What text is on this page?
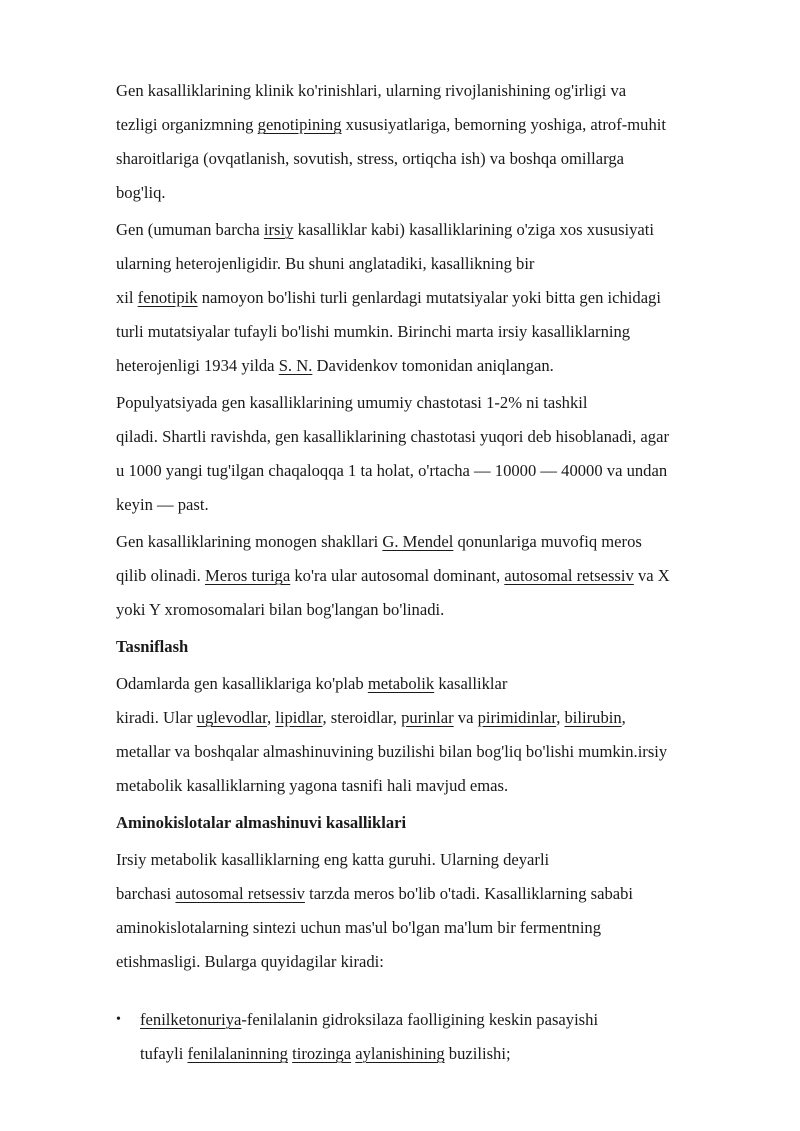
Gen kasalliklarining klinik ko'rinishlari, ularning rivojlanishining og'irligi va
tezligi organizmning genotipining xususiyatlariga, bemorning yoshiga, atrof-muhit
sharoitlariga (ovqatlanish, sovutish, stress, ortiqcha ish) va boshqa omillarga
bog'liq.
Gen (umuman barcha irsiy kasalliklar kabi) kasalliklarining o'ziga xos xususiyati
ularning heterojenligidir. Bu shuni anglatadiki, kasallikning bir
xil fenotipik namoyon bo'lishi turli genlardagi mutatsiyalar yoki bitta gen ichidagi
turli mutatsiyalar tufayli bo'lishi mumkin. Birinchi marta irsiy kasalliklarning
heterojenligi 1934 yilda S. N. Davidenkov tomonidan aniqlangan.
Populyatsiyada gen kasalliklarining umumiy chastotasi 1-2% ni tashkil
qiladi. Shartli ravishda, gen kasalliklarining chastotasi yuqori deb hisoblanadi, agar
u 1000 yangi tug'ilgan chaqaloqqa 1 ta holat, o'rtacha — 10000 — 40000 va undan
keyin — past.
Gen kasalliklarining monogen shakllari G. Mendel qonunlariga muvofiq meros
qilib olinadi. Meros turiga ko'ra ular autosomal dominant, autosomal retsessiv va X
yoki Y xromosomalari bilan bog'langan bo'linadi.
Tasniflash
Odamlarda gen kasalliklariga ko'plab metabolik kasalliklar
kiradi. Ular uglevodlar, lipidlar, steroidlar, purinlar va pirimidinlar, bilirubin,
metallar va boshqalar almashinuvining buzilishi bilan bog'liq bo'lishi mumkin.irsiy
metabolik kasalliklarning yagona tasnifi hali mavjud emas.
Aminokislotalar almashinuvi kasalliklari
Irsiy metabolik kasalliklarning eng katta guruhi. Ularning deyarli
barchasi autosomal retsessiv tarzda meros bo'lib o'tadi. Kasalliklarning sababi
aminokislotalarning sintezi uchun mas'ul bo'lgan ma'lum bir fermentning
etishmasligi. Bularga quyidagilar kiradi:
• fenilketonuriya-fenilalanin gidroksilaza faolligining keskin pasayishi
tufayli fenilalaninning tirozinga aylanishining buzilishi;
